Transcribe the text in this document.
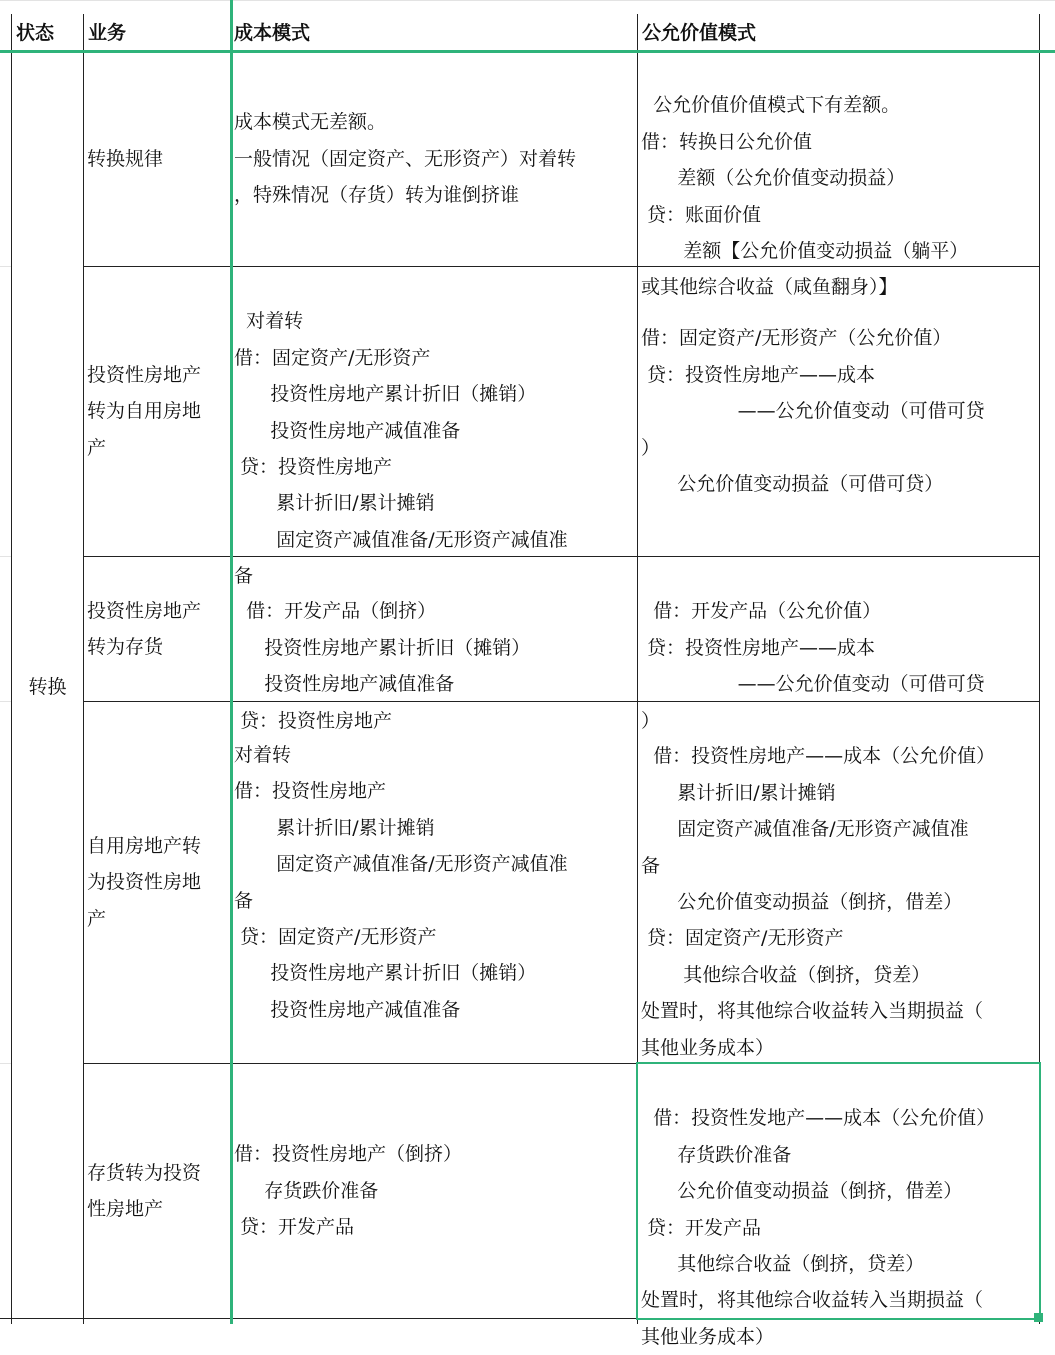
状态 业务	成本模式	公允价值模式
转换
转换规律
成本模式无差额。
一般情况（固定资产、无形资产）对着转
，特殊情况（存货）转为谁倒挤谁

公允价值价值模式下有差额。
借：转换日公允价值
差额（公允价值变动损益）
贷：账面价值
差额【公允价值变动损益（躺平）
或其他综合收益（咸鱼翻身）】

投资性房地产
转为自用房地
产

对着转
借：固定资产/无形资产
投资性房地产累计折旧（摊销）
投资性房地产减值准备
贷：投资性房地产
累计折旧/累计摊销
固定资产减值准备/无形资产减值准
备

借：固定资产/无形资产（公允价值）
贷：投资性房地产——成本
——公允价值变动（可借可贷
）
公允价值变动损益（可借可贷）
投资性房地产
转为存货

借：开发产品（倒挤）
投资性房地产累计折旧（摊销）
投资性房地产减值准备
贷：投资性房地产

借：开发产品（公允价值）
贷：投资性房地产——成本
——公允价值变动（可借可贷
）

自用房地产转
为投资性房地
产
对着转
借：投资性房地产
累计折旧/累计摊销
固定资产减值准备/无形资产减值准
备
贷：固定资产/无形资产
投资性房地产累计折旧（摊销）
投资性房地产减值准备

借：投资性房地产——成本（公允价值）
累计折旧/累计摊销
固定资产减值准备/无形资产减值准
备
公允价值变动损益（倒挤，借差）
贷：固定资产/无形资产
其他综合收益（倒挤，贷差）
处置时，将其他综合收益转入当期损益（
其他业务成本）

存货转为投资
性房地产
借：投资性房地产（倒挤）
存货跌价准备
贷：开发产品

借：投资性发地产——成本（公允价值）
存货跌价准备
公允价值变动损益（倒挤，借差）
贷：开发产品
其他综合收益（倒挤，贷差）
处置时，将其他综合收益转入当期损益（
其他业务成本）
